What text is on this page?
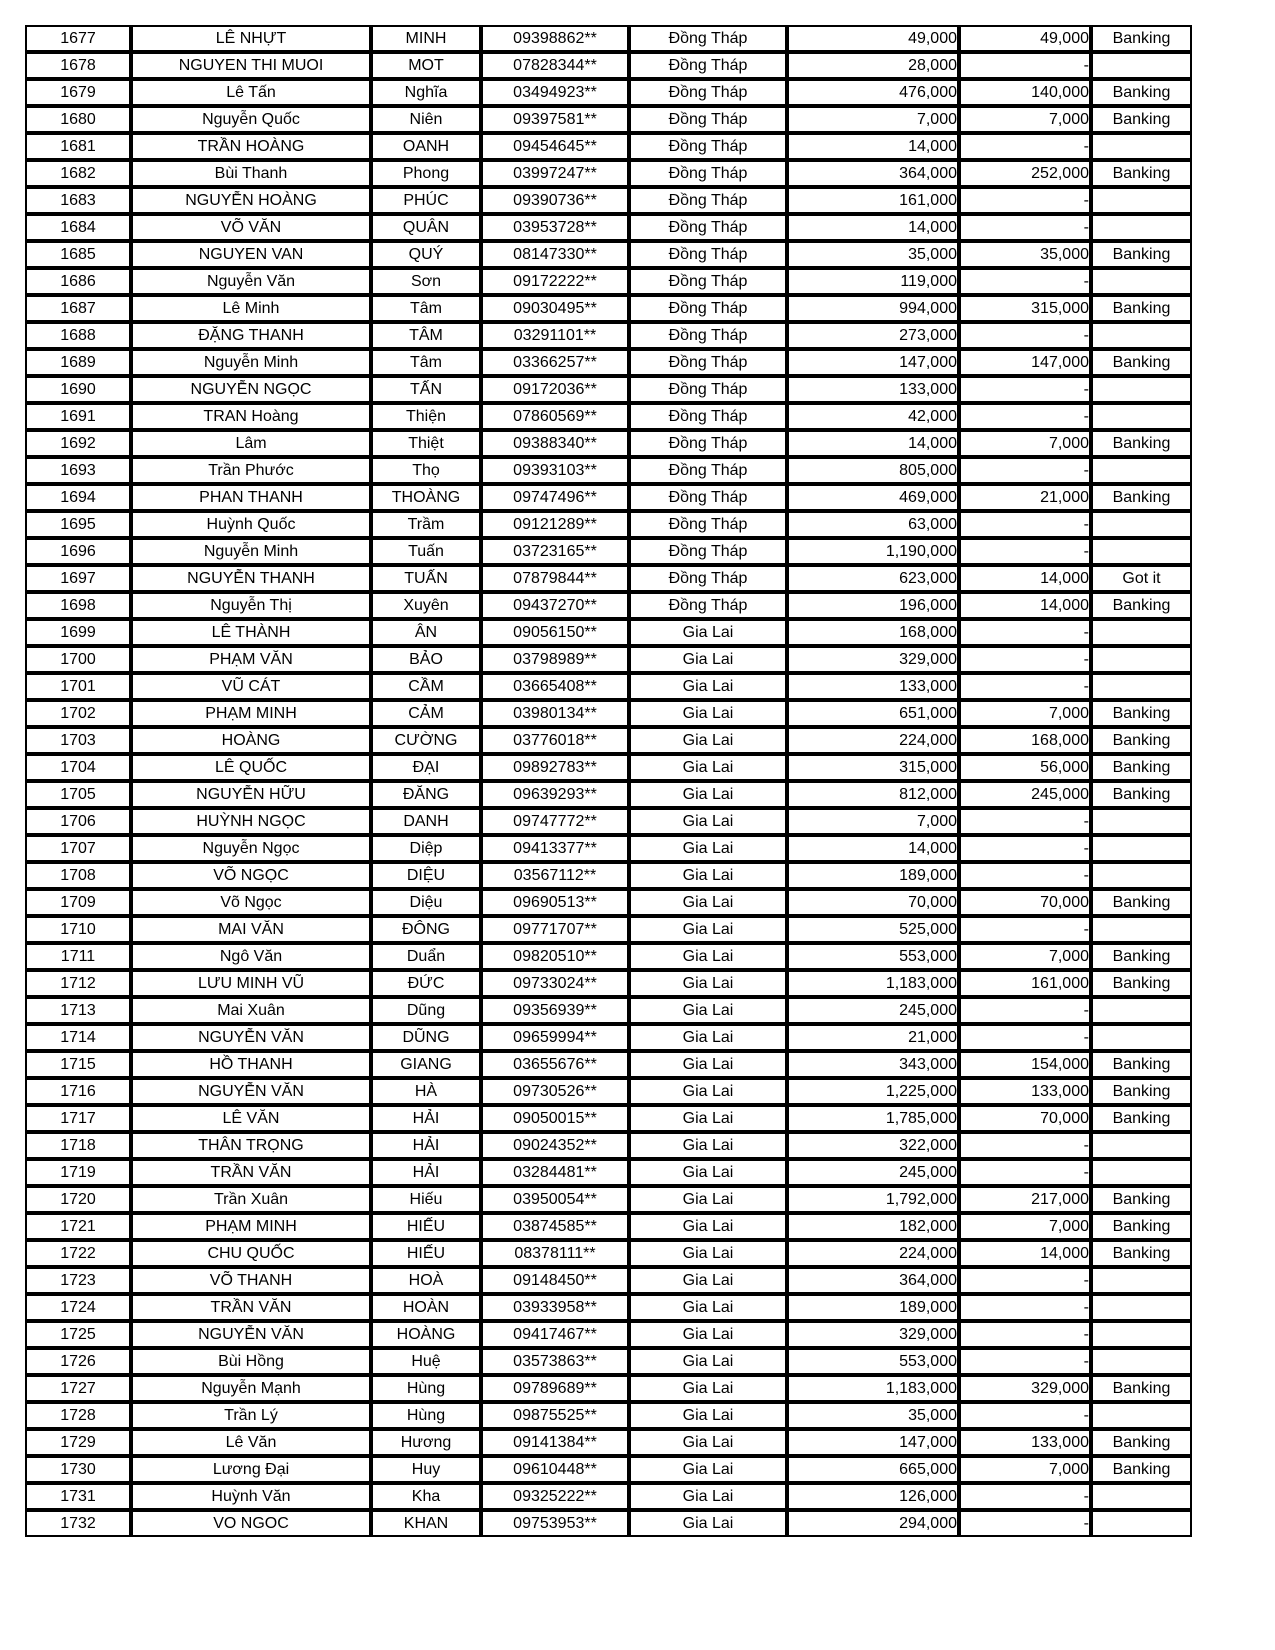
1677	LÊ NHỰT	MINH	09398862**	Đồng Tháp	49,000	49,000	Banking
1678	NGUYEN THI MUOI	MOT	07828344**	Đồng Tháp	28,000	-	
1679	Lê Tấn	Nghĩa	03494923**	Đồng Tháp	476,000	140,000	Banking
1680	Nguyễn Quốc	Niên	09397581**	Đồng Tháp	7,000	7,000	Banking
1681	TRẦN HOÀNG	OANH	09454645**	Đồng Tháp	14,000	-	
1682	Bùi Thanh	Phong	03997247**	Đồng Tháp	364,000	252,000	Banking
1683	NGUYỄN HOÀNG	PHÚC	09390736**	Đồng Tháp	161,000	-	
1684	VÕ VĂN	QUÂN	03953728**	Đồng Tháp	14,000	-	
1685	NGUYEN VAN	QUÝ	08147330**	Đồng Tháp	35,000	35,000	Banking
1686	Nguyễn Văn	Sơn	09172222**	Đồng Tháp	119,000	-	
1687	Lê Minh	Tâm	09030495**	Đồng Tháp	994,000	315,000	Banking
1688	ĐẶNG THANH	TÂM	03291101**	Đồng Tháp	273,000	-	
1689	Nguyễn Minh	Tâm	03366257**	Đồng Tháp	147,000	147,000	Banking
1690	NGUYỄN NGỌC	TẤN	09172036**	Đồng Tháp	133,000	-	
1691	TRAN Hoàng	Thiện	07860569**	Đồng Tháp	42,000	-	
1692	Lâm	Thiệt	09388340**	Đồng Tháp	14,000	7,000	Banking
1693	Trần Phước	Thọ	09393103**	Đồng Tháp	805,000	-	
1694	PHAN THANH	THOÀNG	09747496**	Đồng Tháp	469,000	21,000	Banking
1695	Huỳnh Quốc	Trầm	09121289**	Đồng Tháp	63,000	-	
1696	Nguyễn Minh	Tuấn	03723165**	Đồng Tháp	1,190,000	-	
1697	NGUYỄN THANH	TUẤN	07879844**	Đồng Tháp	623,000	14,000	Got it
1698	Nguyễn Thị	Xuyên	09437270**	Đồng Tháp	196,000	14,000	Banking
1699	LÊ THÀNH	ÂN	09056150**	Gia Lai	168,000	-	
1700	PHẠM VĂN	BẢO	03798989**	Gia Lai	329,000	-	
1701	VŨ CÁT	CẦM	03665408**	Gia Lai	133,000	-	
1702	PHẠM MINH	CẢM	03980134**	Gia Lai	651,000	7,000	Banking
1703	HOÀNG	CƯỜNG	03776018**	Gia Lai	224,000	168,000	Banking
1704	LÊ QUỐC	ĐẠI	09892783**	Gia Lai	315,000	56,000	Banking
1705	NGUYỄN HỮU	ĐĂNG	09639293**	Gia Lai	812,000	245,000	Banking
1706	HUỲNH NGỌC	DANH	09747772**	Gia Lai	7,000	-	
1707	Nguyễn Ngọc	Diệp	09413377**	Gia Lai	14,000	-	
1708	VÕ NGỌC	DIỆU	03567112**	Gia Lai	189,000	-	
1709	Võ Ngọc	Diệu	09690513**	Gia Lai	70,000	70,000	Banking
1710	MAI VĂN	ĐÔNG	09771707**	Gia Lai	525,000	-	
1711	Ngô Văn	Duẩn	09820510**	Gia Lai	553,000	7,000	Banking
1712	LƯU MINH VŨ	ĐỨC	09733024**	Gia Lai	1,183,000	161,000	Banking
1713	Mai Xuân	Dũng	09356939**	Gia Lai	245,000	-	
1714	NGUYỄN VĂN	DŨNG	09659994**	Gia Lai	21,000	-	
1715	HỒ THANH	GIANG	03655676**	Gia Lai	343,000	154,000	Banking
1716	NGUYỄN VĂN	HÀ	09730526**	Gia Lai	1,225,000	133,000	Banking
1717	LÊ VĂN	HẢI	09050015**	Gia Lai	1,785,000	70,000	Banking
1718	THÂN TRỌNG	HẢI	09024352**	Gia Lai	322,000	-	
1719	TRẦN VĂN	HẢI	03284481**	Gia Lai	245,000	-	
1720	Trần Xuân	Hiếu	03950054**	Gia Lai	1,792,000	217,000	Banking
1721	PHẠM MINH	HIẾU	03874585**	Gia Lai	182,000	7,000	Banking
1722	CHU QUỐC	HIẾU	08378111**	Gia Lai	224,000	14,000	Banking
1723	VÕ THANH	HOÀ	09148450**	Gia Lai	364,000	-	
1724	TRẦN VĂN	HOÀN	03933958**	Gia Lai	189,000	-	
1725	NGUYỄN VĂN	HOÀNG	09417467**	Gia Lai	329,000	-	
1726	Bùi Hồng	Huệ	03573863**	Gia Lai	553,000	-	
1727	Nguyễn Mạnh	Hùng	09789689**	Gia Lai	1,183,000	329,000	Banking
1728	Trần Lý	Hùng	09875525**	Gia Lai	35,000	-	
1729	Lê Văn	Hương	09141384**	Gia Lai	147,000	133,000	Banking
1730	Lương Đại	Huy	09610448**	Gia Lai	665,000	7,000	Banking
1731	Huỳnh Văn	Kha	09325222**	Gia Lai	126,000	-	
1732	VO NGOC	KHAN	09753953**	Gia Lai	294,000	-	
